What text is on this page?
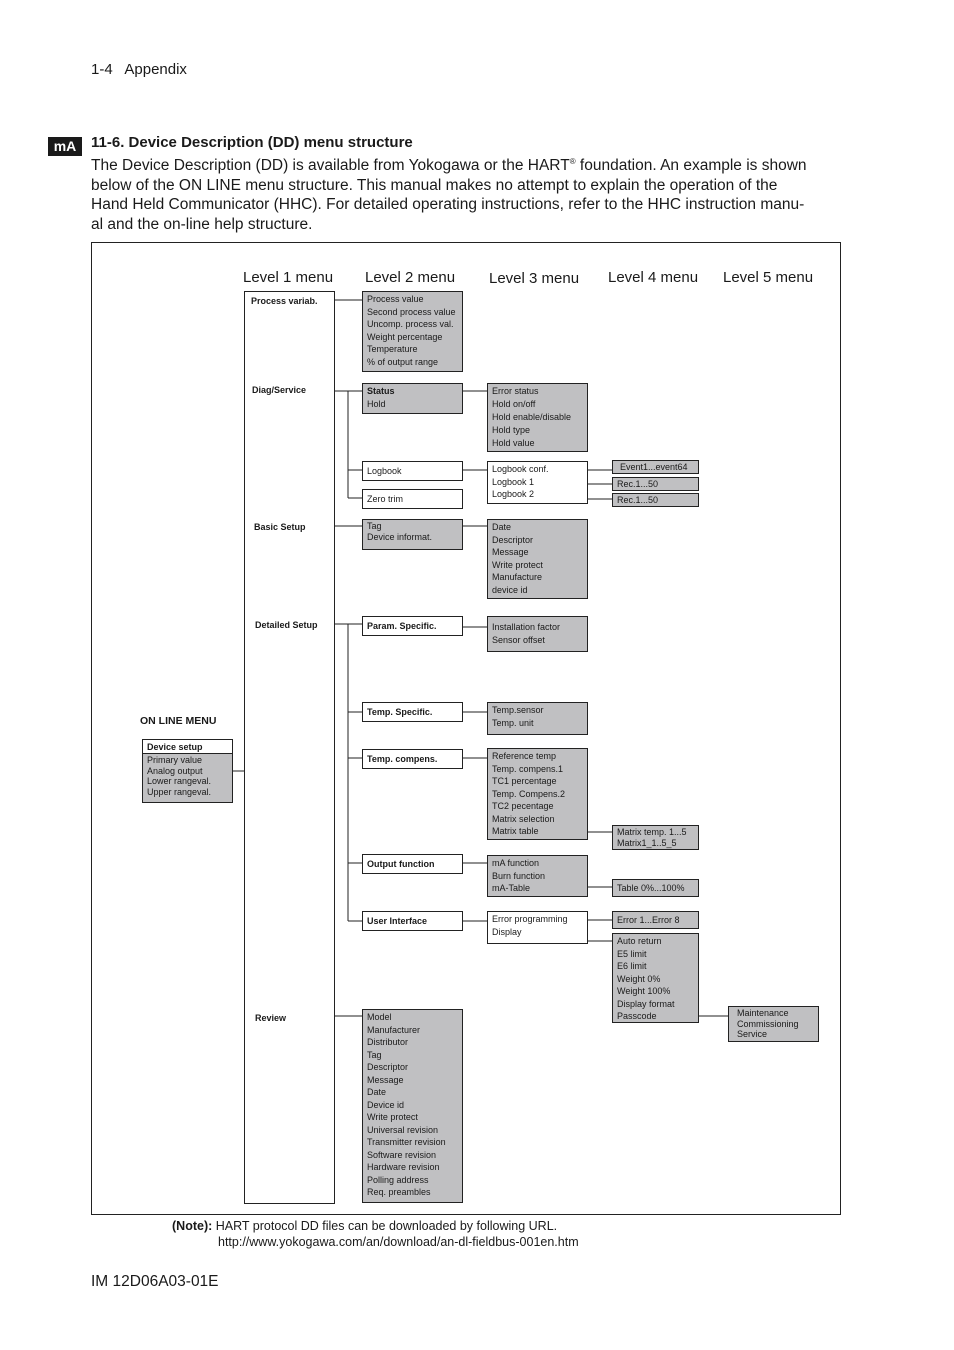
1-4 Appendix
mA 11-6. Device Description (DD) menu structure
The Device Description (DD) is available from Yokogawa or the HART® foundation. An example is shown
below of the ON LINE menu structure. This manual makes no attempt to explain the operation of the
Hand Held Communicator (HHC). For detailed operating instructions, refer to the HHC instruction manu-
al and the on-line help structure.
Level 1 menu Level 2 menu Level 3 menu Level 4 menu Level 5 menu
ON LINE MENU
Device setup
Primary value
Analog output
Lower rangeval.
Upper rangeval.
Process variab.
Diag/Service
Basic Setup
Detailed Setup
Review
Process value
Second process value
Uncomp. process val.
Weight percentage
Temperature
% of output range
Status
Hold
Logbook
Zero trim
Tag
Device informat.
Param. Specific.
Temp. Specific.
Temp. compens.
Output function
User Interface
Model
Manufacturer
Distributor
Tag
Descriptor
Message
Date
Device id
Write protect
Universal revision
Transmitter revision
Software revision
Hardware revision
Polling address
Req. preambles
Error status
Hold on/off
Hold enable/disable
Hold type
Hold value
Logbook conf.
Logbook 1
Logbook 2
Date
Descriptor
Message
Write protect
Manufacture
device id
Installation factor
Sensor offset
Temp.sensor
Temp. unit
Reference temp
Temp. compens.1
TC1 percentage
Temp. Compens.2
TC2 pecentage
Matrix selection
Matrix table
mA function
Burn function
mA-Table
Error programming
Display
Event1...event64
Rec.1...50
Rec.1...50
Matrix temp. 1...5
Matrix1_1..5_5
Table 0%...100%
Error 1...Error 8
Auto return
E5 limit
E6 limit
Weight 0%
Weight 100%
Display format
Passcode	Maintenance
Commissioning
Service
(Note): HART protocol DD files can be downloaded by following URL.
http://www.yokogawa.com/an/download/an-dl-fieldbus-001en.htm
IM 12D06A03-01E
